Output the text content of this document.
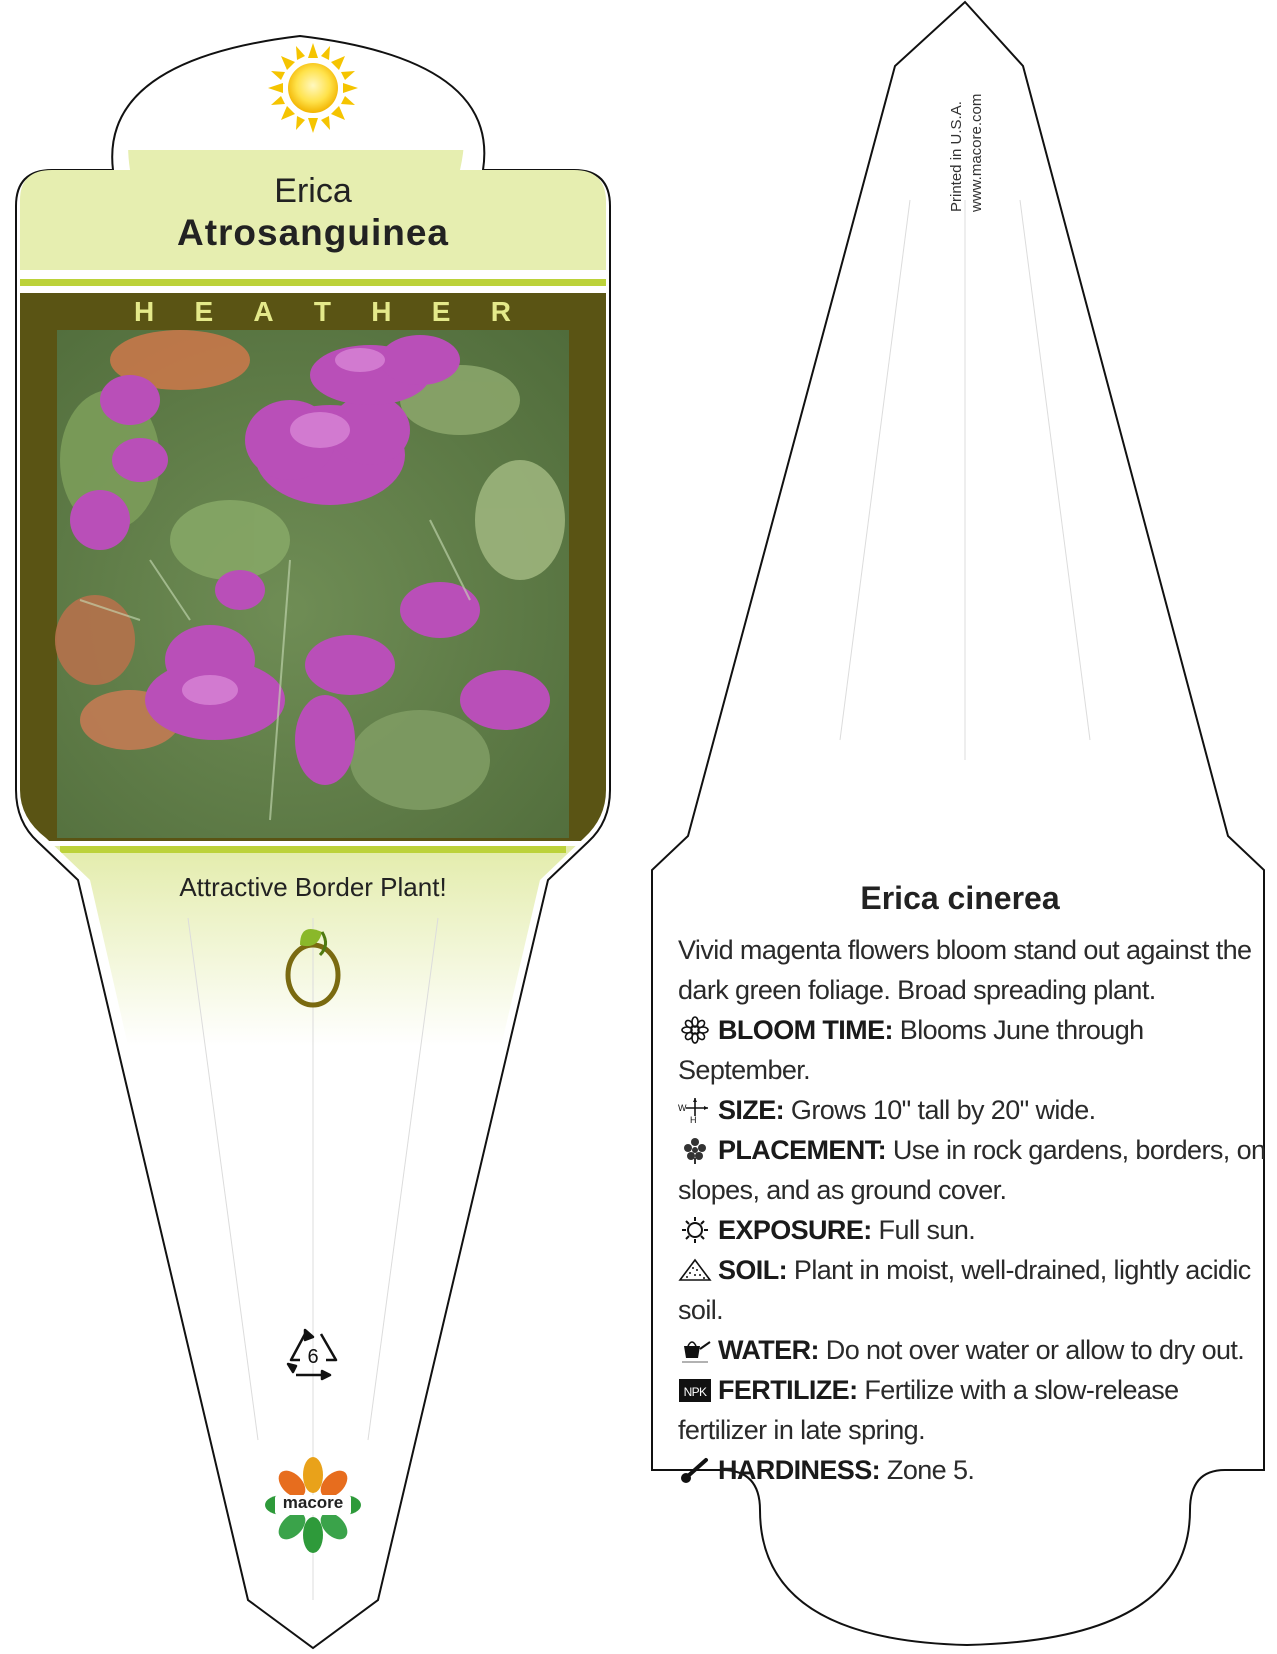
Erica
Atrosanguinea
H E A T H E R
Attractive Border Plant!
6
macore
Printed in U.S.A. www.macore.com
Erica cinerea

Vivid magenta flowers bloom stand out against the dark green foliage. Broad spreading plant.

BLOOM TIME: Blooms June through September.

W
H SIZE: Grows 10" tall by 20" wide.

PLACEMENT: Use in rock gardens, borders, on slopes, and as ground cover.

EXPOSURE: Full sun.

SOIL: Plant in moist, well-drained, lightly acidic soil.

WATER: Do not over water or allow to dry out.

NPK FERTILIZE: Fertilize with a slow-release fertilizer in late spring.

HARDINESS: Zone 5.
